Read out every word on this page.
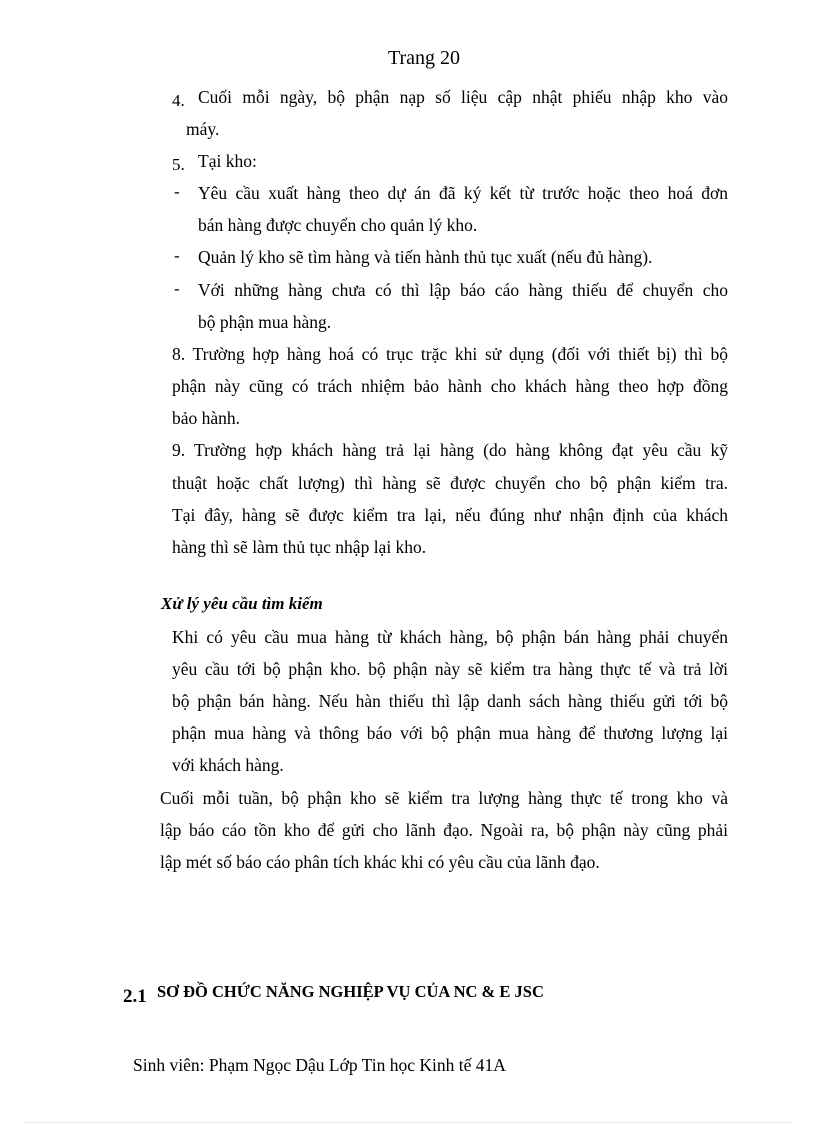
Trang 20
4. Cuối mỗi ngày, bộ phận nạp số liệu cập nhật phiếu nhập kho vào
máy.
5. Tại kho:
- Yêu cầu xuất hàng theo dự án đã ký kết từ trước hoặc theo hoá đơn
bán hàng được chuyển cho quản lý kho.
- Quản lý kho sẽ tìm hàng và tiến hành thủ tục xuất (nếu đủ hàng).
- Với những hàng chưa có thì lập báo cáo hàng thiếu để chuyển cho
bộ phận mua hàng.
8. Trường hợp hàng hoá có trục trặc khi sử dụng (đối với thiết bị) thì bộ
phận này cũng có trách nhiệm bảo hành cho khách hàng theo hợp đồng
bảo hành.
9. Trường hợp khách hàng trả lại hàng (do hàng không đạt yêu cầu kỹ
thuật hoặc chất lượng) thì hàng sẽ được chuyển cho bộ phận kiểm tra.
Tại đây, hàng sẽ được kiểm tra lại, nếu đúng như nhận định của khách
hàng thì sẽ làm thủ tục nhập lại kho.
Xử lý yêu cầu tìm kiếm
Khi có yêu cầu mua hàng từ khách hàng, bộ phận bán hàng phải chuyển
yêu cầu tới bộ phận kho. bộ phận này sẽ kiểm tra hàng thực tế và trả lời
bộ phận bán hàng. Nếu hàn thiếu thì lập danh sách hàng thiếu gửi tới bộ
phận mua hàng và thông báo với bộ phận mua hàng để thương lượng lại
với khách hàng.
Cuối mỗi tuần, bộ phận kho sẽ kiểm tra lượng hàng thực tế trong kho và
lập báo cáo tồn kho để gửi cho lãnh đạo. Ngoài ra, bộ phận này cũng phải
lập mét số báo cáo phân tích khác khi có yêu cầu của lãnh đạo.
2.1 SƠ ĐỒ CHỨC NĂNG NGHIỆP VỤ CỦA NC & E JSC
Sinh viên: Phạm Ngọc Dậu Lớp Tin học Kinh tế 41A
